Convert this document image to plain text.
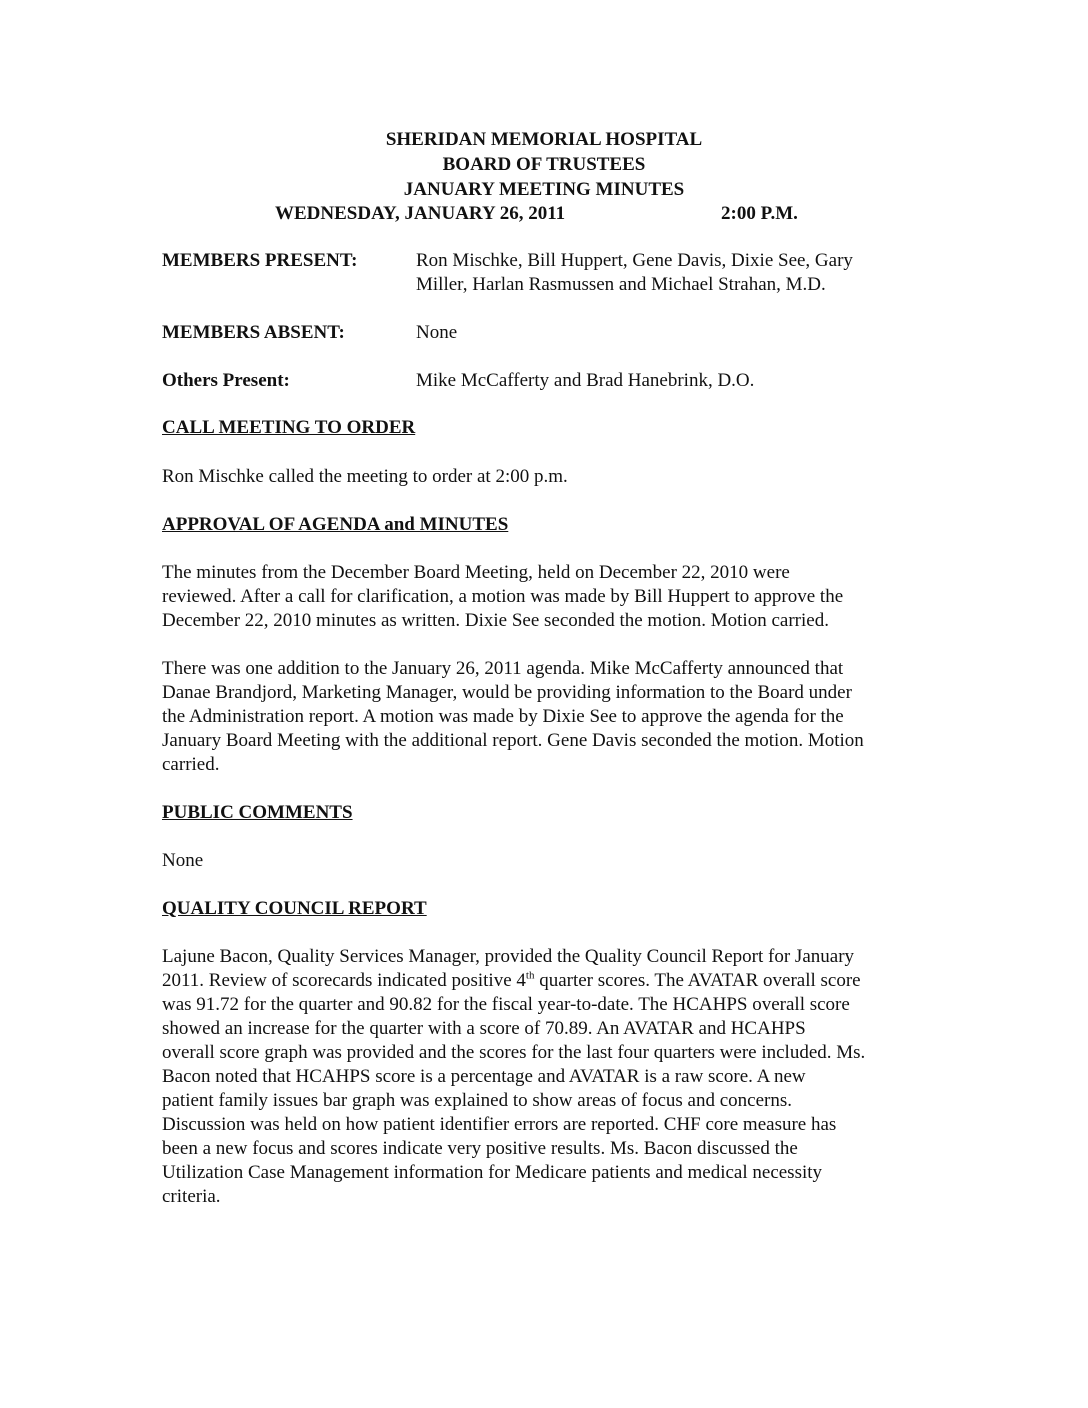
SHERIDAN MEMORIAL HOSPITAL
BOARD OF TRUSTEES
JANUARY MEETING MINUTES
WEDNESDAY, JANUARY 26, 2011	2:00 P.M.
MEMBERS PRESENT:	Ron Mischke, Bill Huppert, Gene Davis, Dixie See, Gary
Miller, Harlan Rasmussen and Michael Strahan, M.D.
MEMBERS ABSENT:	None
Others Present:	Mike McCafferty and Brad Hanebrink, D.O.
CALL MEETING TO ORDER
Ron Mischke called the meeting to order at 2:00 p.m.
APPROVAL OF AGENDA and MINUTES
The minutes from the December Board Meeting, held on December 22, 2010 were
reviewed. After a call for clarification, a motion was made by Bill Huppert to approve the
December 22, 2010 minutes as written. Dixie See seconded the motion. Motion carried.
There was one addition to the January 26, 2011 agenda. Mike McCafferty announced that
Danae Brandjord, Marketing Manager, would be providing information to the Board under
the Administration report. A motion was made by Dixie See to approve the agenda for the
January Board Meeting with the additional report. Gene Davis seconded the motion. Motion
carried.
PUBLIC COMMENTS
None
QUALITY COUNCIL REPORT
Lajune Bacon, Quality Services Manager, provided the Quality Council Report for January
2011. Review of scorecards indicated positive 4th quarter scores. The AVATAR overall score
was 91.72 for the quarter and 90.82 for the fiscal year-to-date. The HCAHPS overall score
showed an increase for the quarter with a score of 70.89. An AVATAR and HCAHPS
overall score graph was provided and the scores for the last four quarters were included. Ms.
Bacon noted that HCAHPS score is a percentage and AVATAR is a raw score. A new
patient family issues bar graph was explained to show areas of focus and concerns.
Discussion was held on how patient identifier errors are reported. CHF core measure has
been a new focus and scores indicate very positive results. Ms. Bacon discussed the
Utilization Case Management information for Medicare patients and medical necessity
criteria.
